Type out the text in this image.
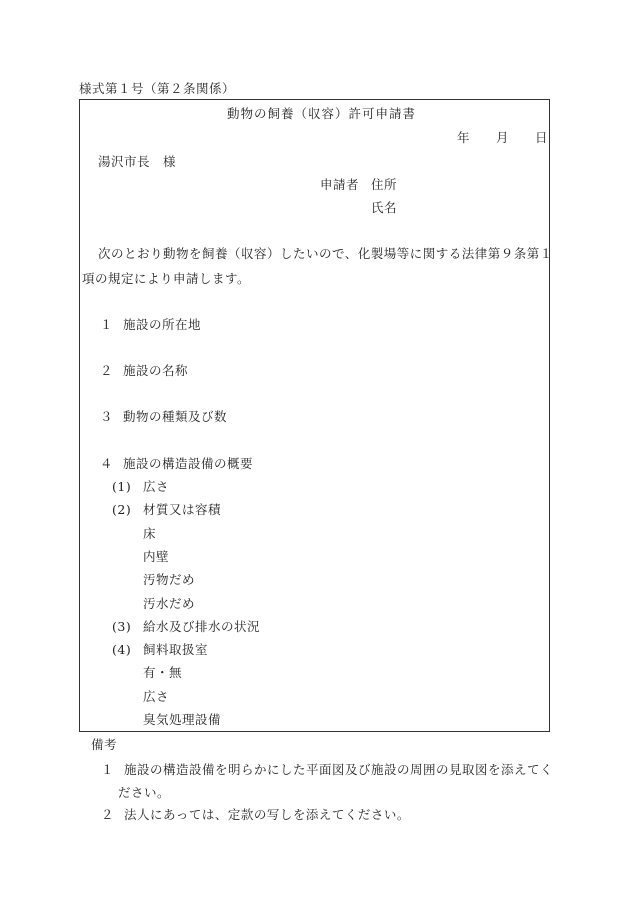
様式第１号（第２条関係）
動物の飼養（収容）許可申請書
年 月 日
湯沢市長　様
申請者 住所
氏名
次のとおり動物を飼養（収容）したいので、化製場等に関する法律第９条第１
項の規定により申請します。
１ 施設の所在地
２ 施設の名称
３ 動物の種類及び数
４ 施設の構造設備の概要
(1) 広さ
(2) 材質又は容積
床
内壁
汚物だめ
汚水だめ
(3) 給水及び排水の状況
(4) 飼料取扱室
有・無
広さ
臭気処理設備
備考
１ 施設の構造設備を明らかにした平面図及び施設の周囲の見取図を添えてく
ださい。
２ 法人にあっては、定款の写しを添えてください。
